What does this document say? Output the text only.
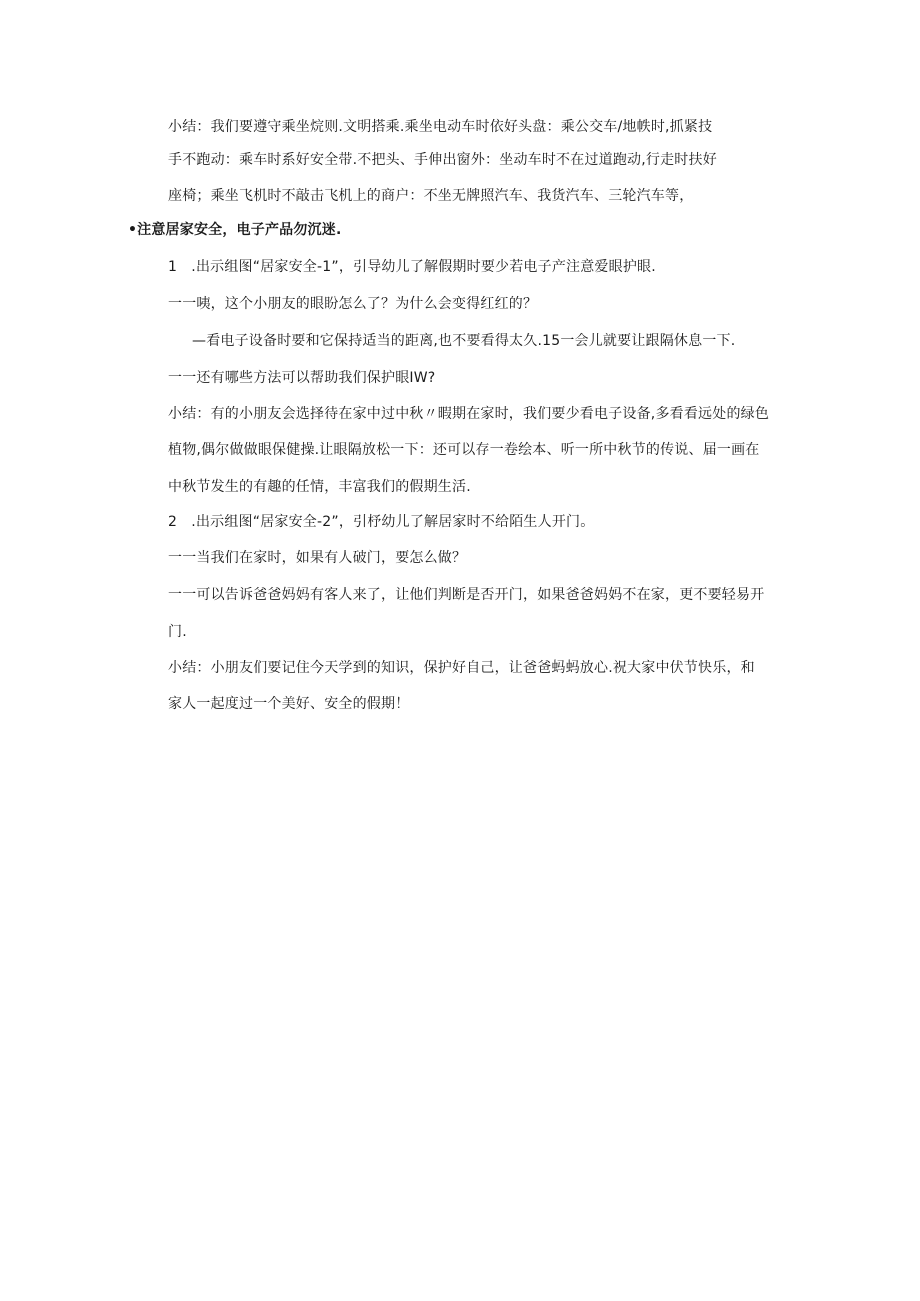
小结：我们要遵守乘坐烷则.文明搭乘.乘坐电动车时依好头盘：乘公交车/地帙时,抓紧技
手不跑动：乘车时系好安全带.不把头、手伸出窗外：坐动车时不在过道跑动,行走时扶好
座椅；乘坐飞机时不敲击飞机上的商户：不坐无牌照汽车、我货汽车、三轮汽车等，
•注意居家安全，电子产品勿沉迷.
1　.出示组图“居家安全-1”，引导幼儿了解假期时要少若电子产注意爱眼护眼.
一一咦，这个小朋友的眼盼怎么了？为什么会变得红红的？
—看电子设备时要和它保持适当的距离,也不要看得太久.15一会儿就要让跟隔休息一下.
一一还有哪些方法可以帮助我们保护眼IW?
小结：有的小朋友会选择待在家中过中秋〃暇期在家时，我们要少看电子设备,多看看远处的绿色
植物,偶尔做做眼保健操.让眼隔放松一下：还可以存一卷绘本、听一所中秋节的传说、届一画在
中秋节发生的有趣的任情，丰富我们的假期生活.
2　.出示组图“居家安全-2”，引杼幼儿了解居家时不给陌生人开门。
一一当我们在家时，如果有人破门，要怎么做？
一一可以告诉爸爸妈妈有客人来了，让他们判断是否开门，如果爸爸妈妈不在家，更不要轻易开
门.
小结：小朋友们要记住今天学到的知识，保护好自己，让爸爸蚂蚂放心.祝大家中伏节快乐，和
家人一起度过一个美好、安全的假期！
